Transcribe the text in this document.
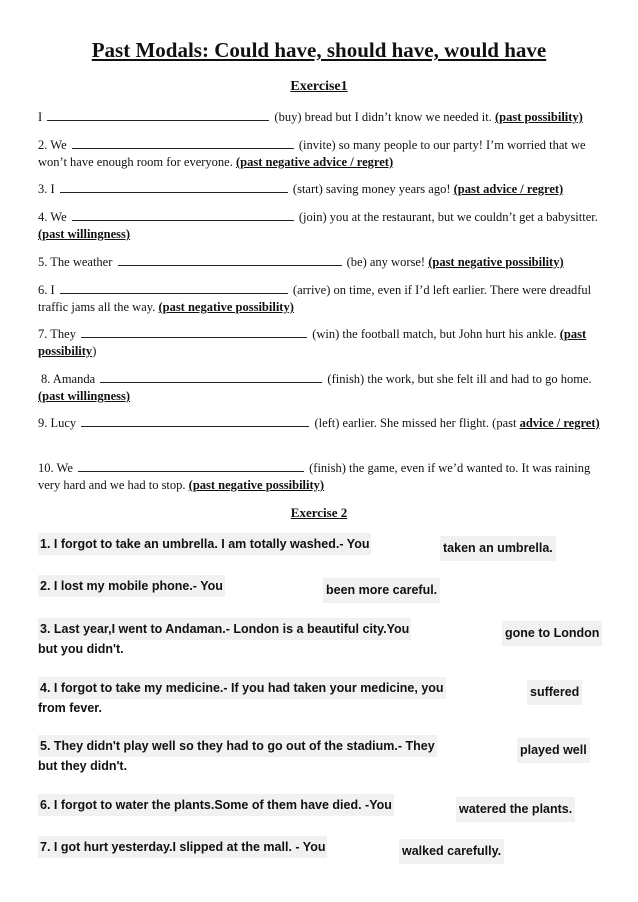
Past Modals: Could have, should have, would have
Exercise1
I	(buy) bread but I didn’t know we needed it. (past possibility)
2. We	(invite) so many people to our party! I’m worried that we won’t have enough room for everyone. (past negative advice / regret)
3. I	(start) saving money years ago! (past advice / regret)
4. We	(join) you at the restaurant, but we couldn’t get a babysitter. (past willingness)
5. The weather	(be) any worse! (past negative possibility)
6. I	(arrive) on time, even if I’d left earlier. There were dreadful traffic jams all the way. (past negative possibility)
7. They	(win) the football match, but John hurt his ankle. (past possibility)
8. Amanda	(finish) the work, but she felt ill and had to go home. (past willingness)
9. Lucy	(left) earlier. She missed her flight. (past advice / regret)
10. We	(finish) the game, even if we’d wanted to. It was raining very hard and we had to stop. (past negative possibility)
Exercise 2
1. I forgot to take an umbrella. I am totally washed.- You	taken an umbrella.
2. I lost my mobile phone.- You	been more careful.
3. Last year,I went to Andaman.- London is a beautiful city.You	gone to London
but you didn't.
4. I forgot to take my medicine.- If you had taken your medicine, you	suffered
from fever.
5. They didn't play well so they had to go out of the stadium.- They	played well
but they didn't.
6. I forgot to water the plants.Some of them have died. -You	watered the plants.
7. I got hurt yesterday.I slipped at the mall. - You	walked carefully.
